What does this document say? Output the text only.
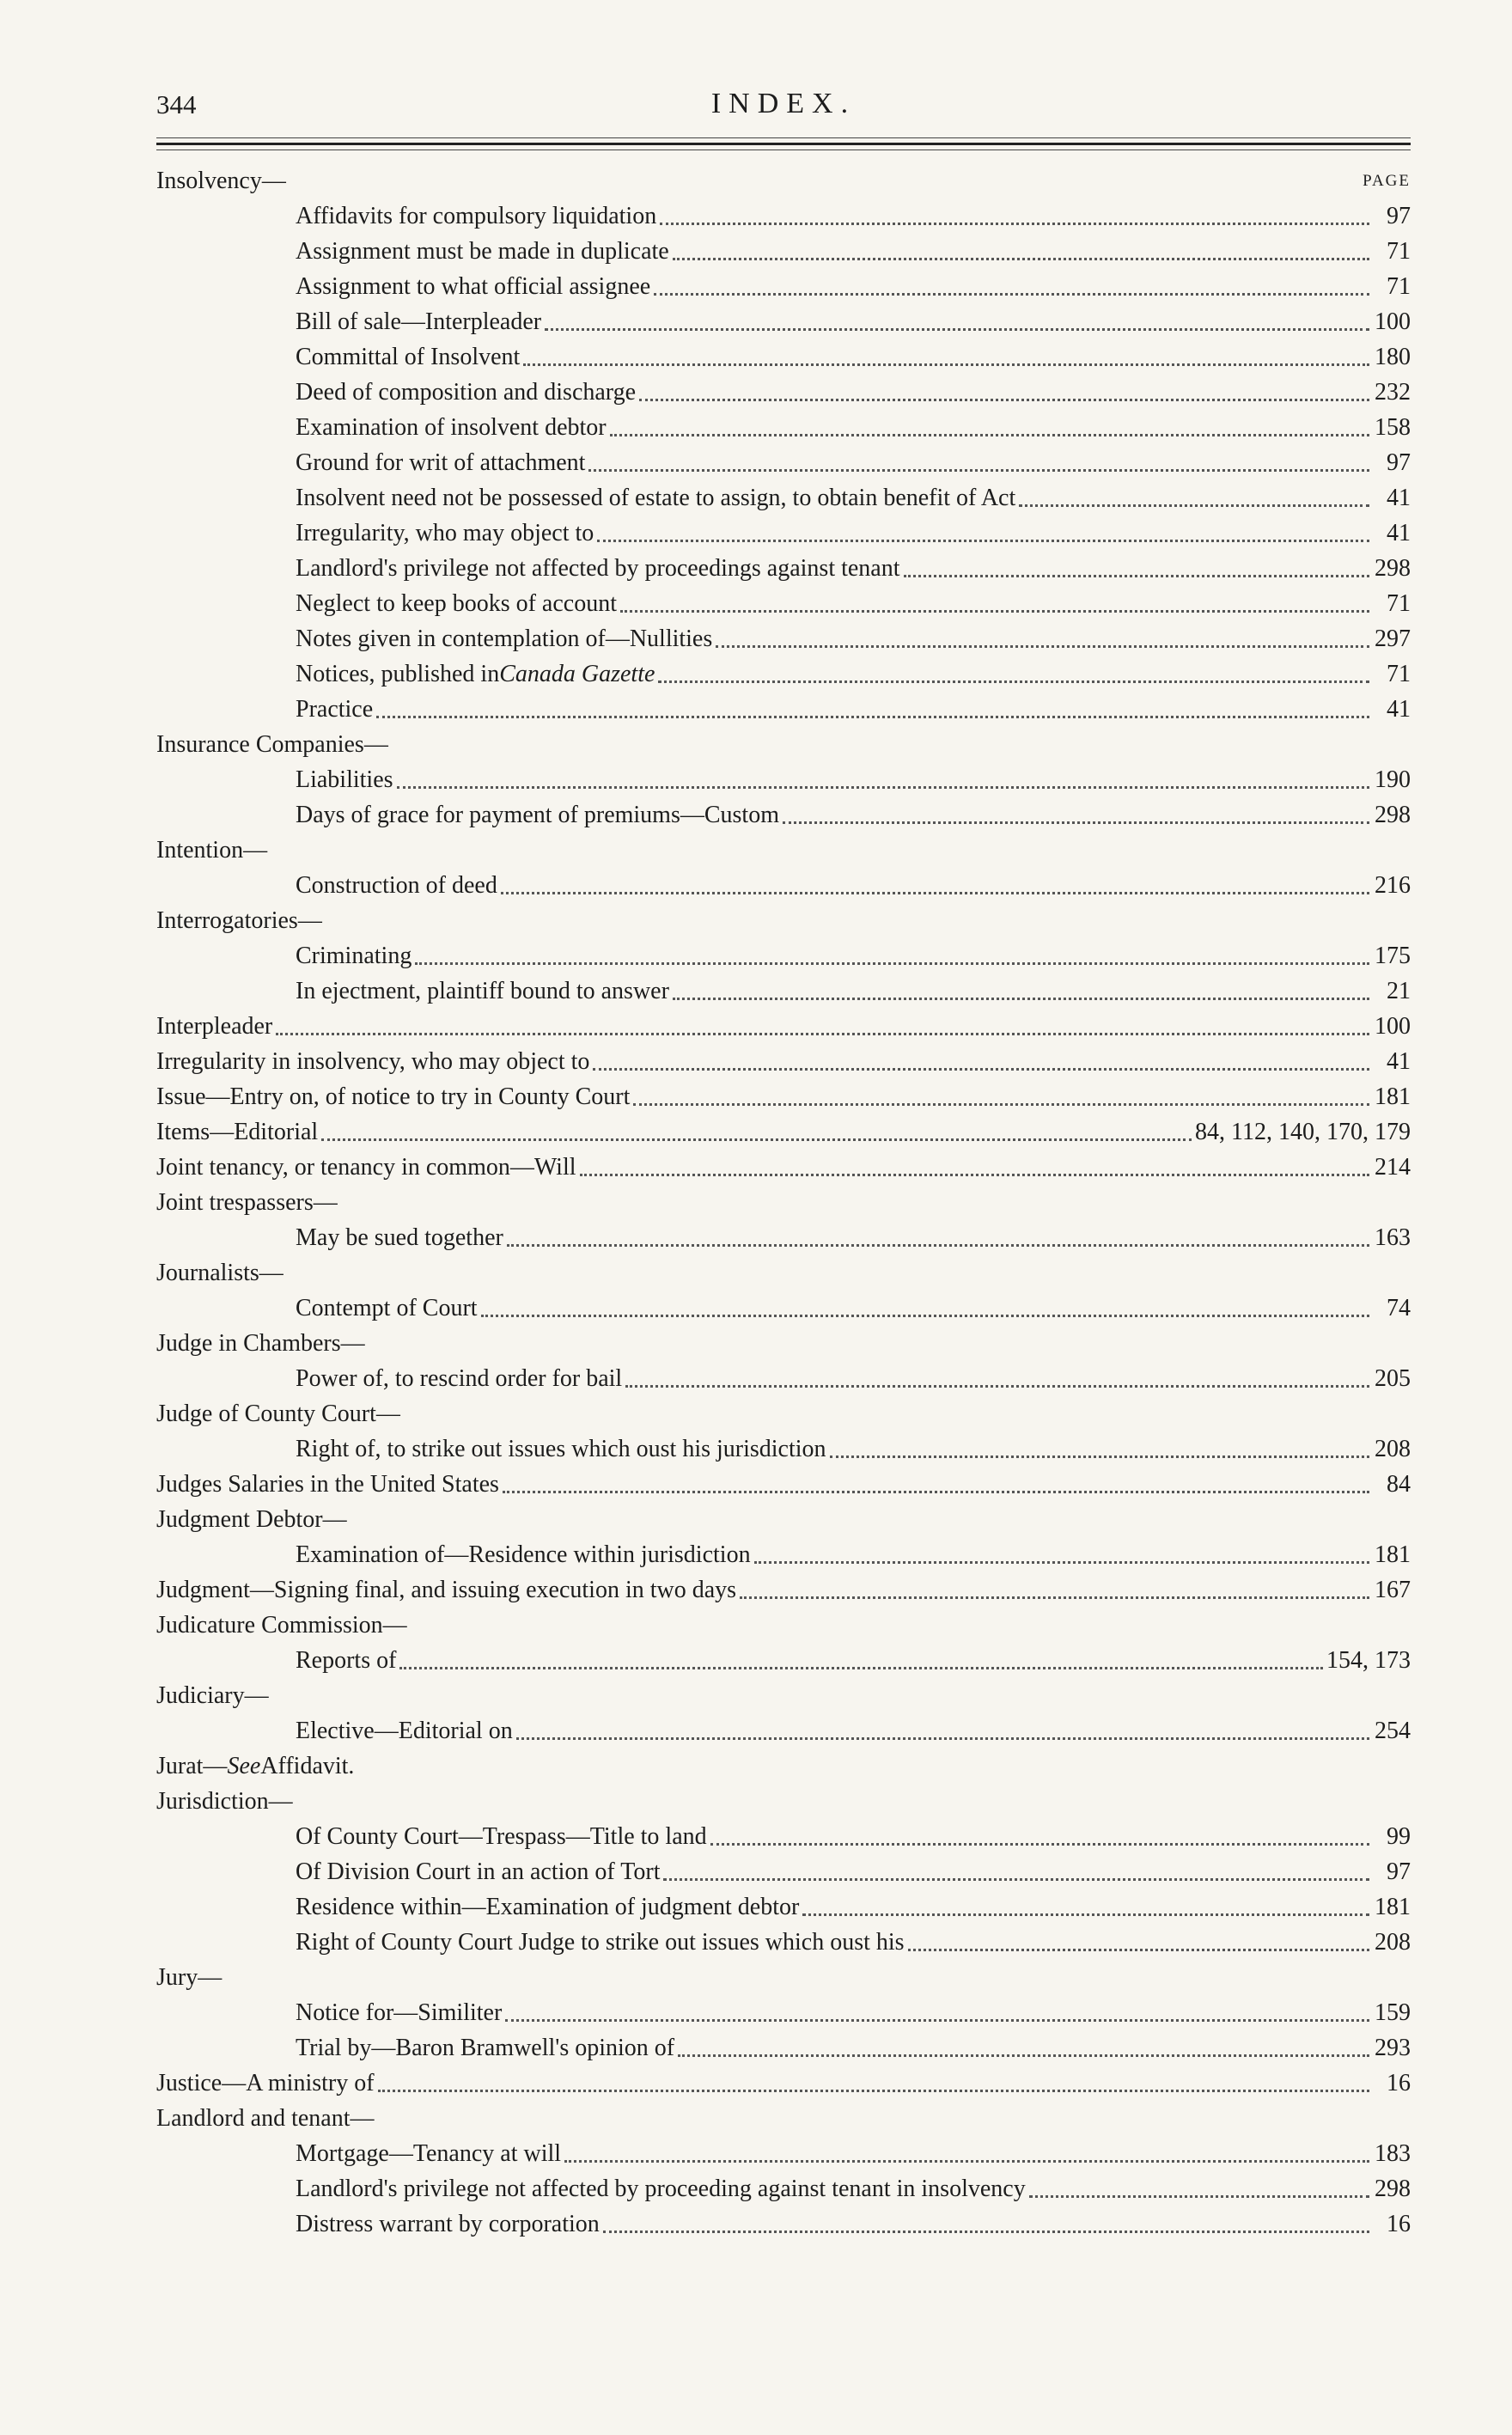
344	INDEX.
Insolvency—	PAGE
Affidavits for compulsory liquidation	97
Assignment must be made in duplicate	71
Assignment to what official assignee	71
Bill of sale—Interpleader	100
Committal of Insolvent	180
Deed of composition and discharge	232
Examination of insolvent debtor	158
Ground for writ of attachment	97
Insolvent need not be possessed of estate to assign, to obtain benefit of Act	41
Irregularity, who may object to	41
Landlord's privilege not affected by proceedings against tenant	298
Neglect to keep books of account	71
Notes given in contemplation of—Nullities	297
Notices, published in Canada Gazette	71
Practice	41
Insurance Companies—
Liabilities	190
Days of grace for payment of premiums—Custom	298
Intention—
Construction of deed	216
Interrogatories—
Criminating	175
In ejectment, plaintiff bound to answer	21
Interpleader	100
Irregularity in insolvency, who may object to	41
Issue—Entry on, of notice to try in County Court	181
Items—Editorial	84, 112, 140, 170, 179
Joint tenancy, or tenancy in common—Will	214
Joint trespassers—
May be sued together	163
Journalists—
Contempt of Court	74
Judge in Chambers—
Power of, to rescind order for bail	205
Judge of County Court—
Right of, to strike out issues which oust his jurisdiction	208
Judges Salaries in the United States	84
Judgment Debtor—
Examination of—Residence within jurisdiction	181
Judgment—Signing final, and issuing execution in two days	167
Judicature Commission—
Reports of	154, 173
Judiciary—
Elective—Editorial on	254
Jurat— See Affidavit.
Jurisdiction—
Of County Court—Trespass—Title to land	99
Of Division Court in an action of Tort	97
Residence within—Examination of judgment debtor	181
Right of County Court Judge to strike out issues which oust his	208
Jury—
Notice for—Similiter	159
Trial by—Baron Bramwell's opinion of	293
Justice—A ministry of	16
Landlord and tenant—
Mortgage—Tenancy at will	183
Landlord's privilege not affected by proceeding against tenant in insolvency	298
Distress warrant by corporation	16
